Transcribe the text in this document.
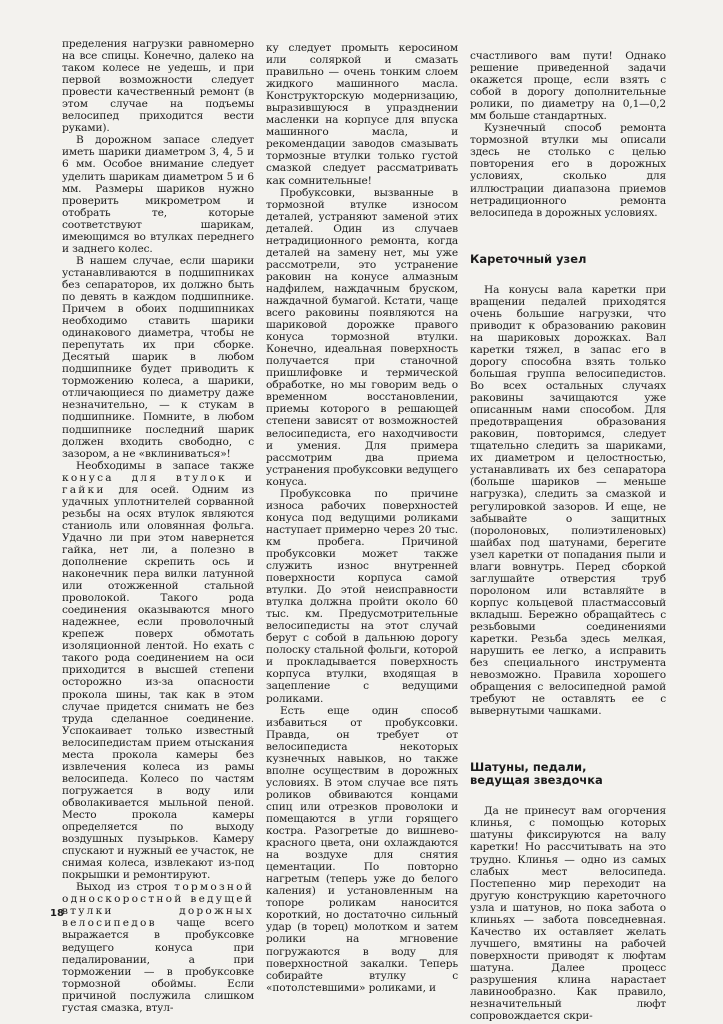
пределения нагрузки равномерно на все спицы. Конечно, далеко на таком колесе не уедешь, и при первой возможности следует провести качественный ремонт (в этом случае на подъемы велосипед приходится вести руками).

В дорожном запасе следует иметь шарики диаметром 3, 4, 5 и 6 мм. Особое внимание следует уделить шарикам диаметром 5 и 6 мм. Размеры шариков нужно проверить микрометром и отобрать те, которые соответствуют шарикам, имеющимся во втулках переднего и заднего колес.

В нашем случае, если шарики устанавливаются в подшипниках без сепараторов, их должно быть по девять в каждом подшипнике. Причем в обоих подшипниках необходимо ставить шарики одинакового диаметра, чтобы не перепутать их при сборке. Десятый шарик в любом подшипнике будет приводить к торможению колеса, а шарики, отличающиеся по диаметру даже незначительно, — к стукам в подшипнике. Помните, в любом подшипнике последний шарик должен входить свободно, с зазором, а не «вклиниваться»!

Необходимы в запасе также конуса для втулок и гайки для осей. Одним из удачных уплотнителей сорванной резьбы на осях втулок являются станиоль или оловянная фольга. Удачно ли при этом навернется гайка, нет ли, а полезно в дополнение скрепить ось и наконечник пера вилки латунной или отожженной стальной проволокой. Такого рода соединения оказываются много надежнее, если проволочный крепеж поверх обмотать изоляционной лентой. Но ехать с такого рода соединением на оси приходится в высшей степени осторожно из-за опасности прокола шины, так как в этом случае придется снимать не без труда сделанное соединение. Успокаивает только известный велосипедистам прием отыскания места прокола камеры без извлечения колеса из рамы велосипеда. Колесо по частям погружается в воду или обволакивается мыльной пеной. Место прокола камеры определяется по выходу воздушных пузырьков. Камеру спускают и нужный ее участок, не снимая колеса, извлекают из-под покрышки и ремонтируют.

Выход из строя тормозной односкоростной ведущей втулки	дорожных велосипедов чаще всего выражается в пробуксовке ведущего конуса при педалировании, а при торможении — в пробуксовке тормозной обоймы. Если причиной послужила слишком густая смазка, втул-

ку следует промыть керосином или соляркой и смазать правильно — очень тонким слоем жидкого машинного масла. Конструкторскую модернизацию, выразившуюся в упразднении масленки на корпусе для впуска машинного масла, и рекомендации заводов смазывать тормозные втулки только густой смазкой следует рассматривать как сомнительные!

Пробуксовки, вызванные в тормозной втулке износом деталей, устраняют заменой этих деталей. Один из случаев нетрадиционного ремонта, когда деталей на замену нет, мы уже рассмотрели, это устранение раковин на конусе алмазным надфилем, наждачным бруском, наждачной бумагой. Кстати, чаще всего раковины появляются на шариковой дорожке правого конуса тормозной втулки. Конечно, идеальная поверхность получается при станочной пришлифовке и термической обработке, но мы говорим ведь о временном восстановлении, приемы которого в решающей степени зависят от возможностей велосипедиста, его находчивости и умения. Для примера рассмотрим два приема устранения пробуксовки ведущего конуса.

Пробуксовка по причине износа рабочих поверхностей конуса под ведущими роликами наступает примерно через 20 тыс. км пробега. Причиной пробуксовки может также служить износ внутренней поверхности корпуса самой втулки. До этой неисправности втулка должна пройти около 60 тыс. км. Предусмотрительные велосипедисты на этот случай берут с собой в дальнюю дорогу полоску стальной фольги, которой и прокладывается поверхность корпуса втулки, входящая в зацепление с ведущими роликами.

Есть еще один способ избавиться от пробуксовки. Правда, он требует от велосипедиста некоторых кузнечных навыков, но также вполне осуществим в дорожных условиях. В этом случае все пять роликов обвиваются концами спиц или отрезков проволоки и помещаются в угли горящего костра. Разогретые до вишнево-красного цвета, они охлаждаются на воздухе для снятия цементации. По повторно нагретым (теперь уже до белого каления) и установленным на топоре роликам наносится короткий, но достаточно сильный удар (в торец) молотком и затем ролики на мгновение погружаются в воду для поверхностной закалки. Теперь собирайте втулку с «потолстевшими» роликами, и

счастливого вам пути! Однако решение приведенной задачи окажется проще, если взять с собой в дорогу дополнительные ролики, по диаметру на 0,1—0,2 мм больше стандартных.

Кузнечный способ ремонта тормозной втулки мы описали здесь не столько с целью повторения его в дорожных условиях, сколько для иллюстрации диапазона приемов нетрадиционного ремонта велосипеда в дорожных условиях.

Кареточный узел

На конусы вала каретки при вращении педалей приходятся очень большие нагрузки, что приводит к образованию раковин на шариковых дорожках. Вал каретки тяжел, в запас его в дорогу способна взять только большая группа велосипедистов. Во всех остальных случаях раковины зачищаются уже описанным нами способом. Для предотвращения образования раковин, повторимся, следует тщательно следить за шариками, их диаметром и целостностью, устанавливать их без сепаратора (больше шариков — меньше нагрузка), следить за смазкой и регулировкой зазоров. И еще, не забывайте о защитных (поролоновых, полиэтиленовых) шайбах под шатунами, берегите узел каретки от попадания пыли и влаги вовнутрь. Перед сборкой заглушайте отверстия труб поролоном или вставляйте в корпус кольцевой пластмассовый вкладыш. Бережно обращайтесь с резьбовыми соединениями каретки. Резьба здесь мелкая, нарушить ее легко, а исправить без специального инструмента невозможно. Правила хорошего обращения с велосипедной рамой требуют не оставлять ее с вывернутыми чашками.

Шатуны, педали,
ведущая звездочка

Да не принесут вам огорчения клинья, с помощью которых шатуны фиксируются на валу каретки! Но рассчитывать на это трудно. Клинья — одно из самых слабых мест велосипеда. Постепенно мир переходит на другую конструкцию кареточного узла и шатунов, но пока забота о клиньях — забота повседневная. Качество их оставляет желать лучшего, вмятины на рабочей поверхности приводят к люфтам шатуна. Далее процесс разрушения клина нарастает лавинообразно. Как правило, незначительный люфт сопровождается скри-

18
